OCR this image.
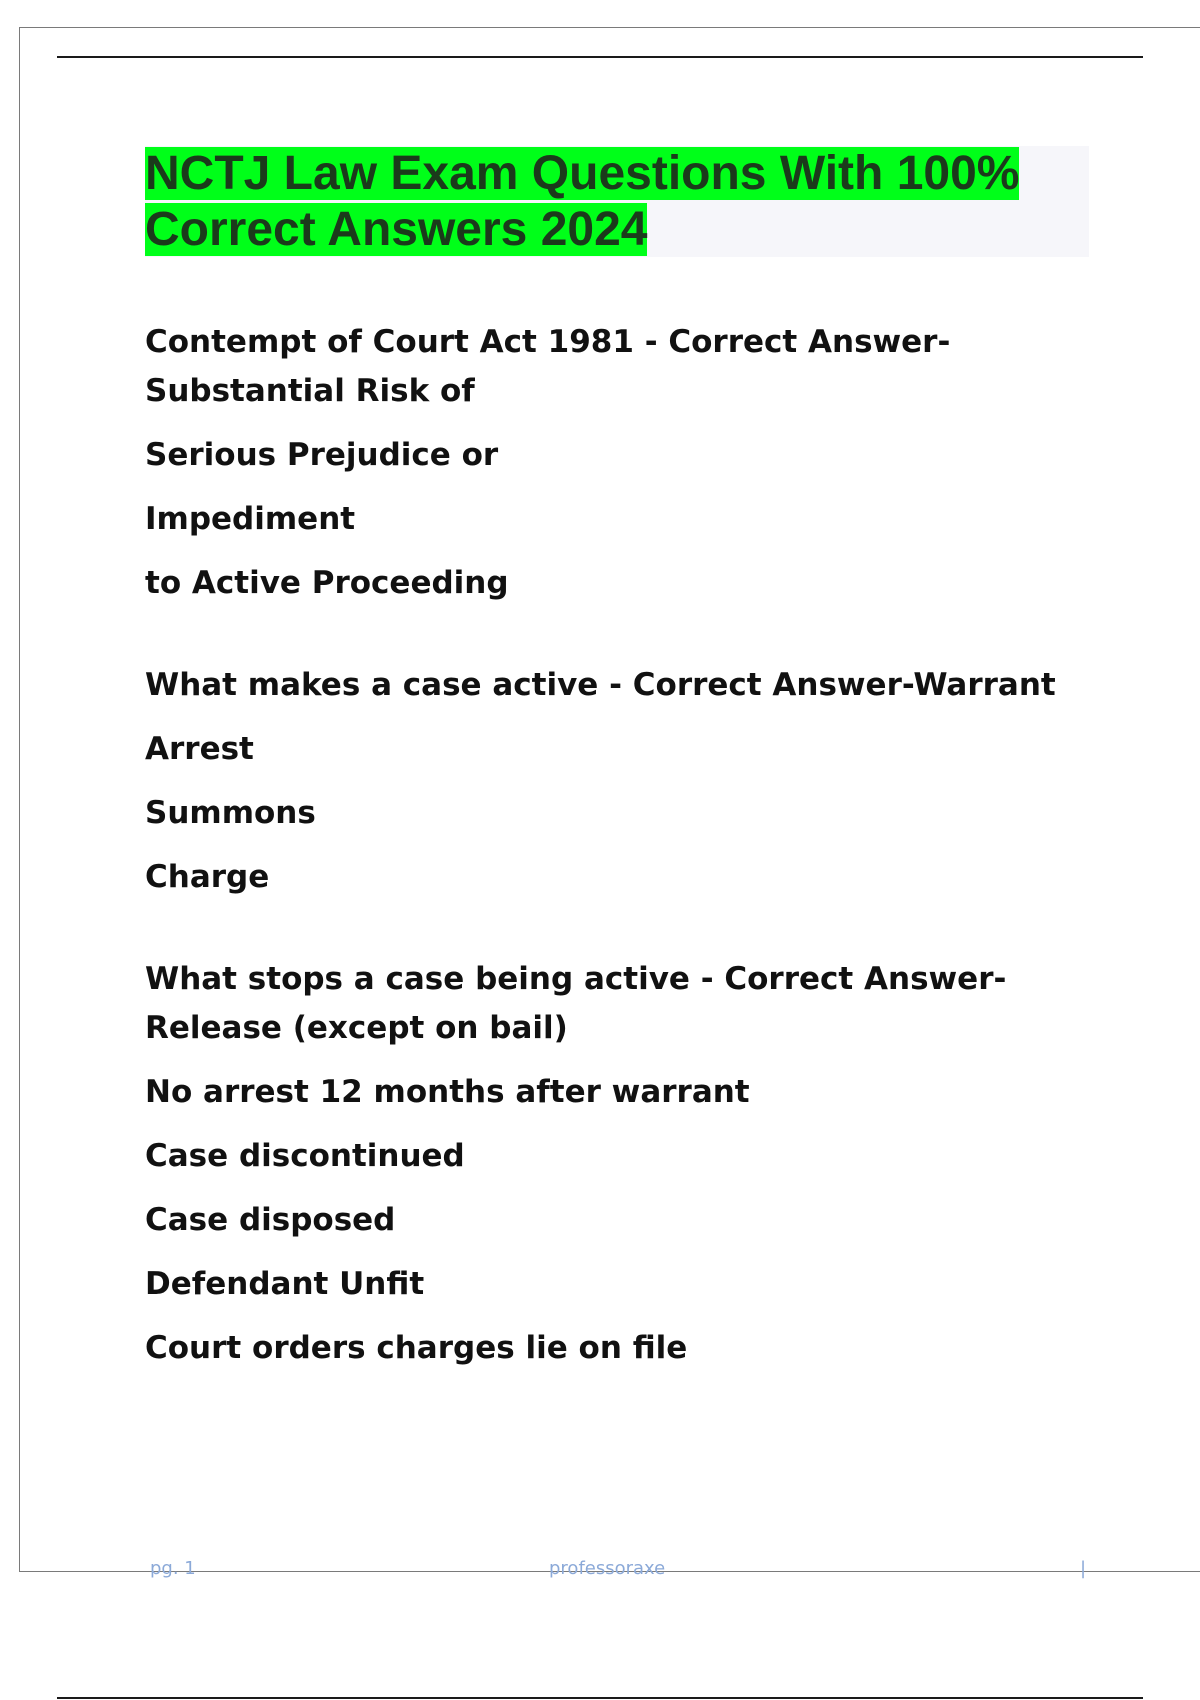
NCTJ Law Exam Questions With 100%
Correct Answers 2024

Contempt of Court Act 1981 - Correct Answer-Substantial Risk of

Serious Prejudice or

Impediment

to Active Proceeding

What makes a case active - Correct Answer-Warrant

Arrest

Summons

Charge

What stops a case being active - Correct Answer-Release (except on bail)

No arrest 12 months after warrant

Case discontinued

Case disposed

Defendant Unfit

Court orders charges lie on file

pg. 1	professoraxe	|
